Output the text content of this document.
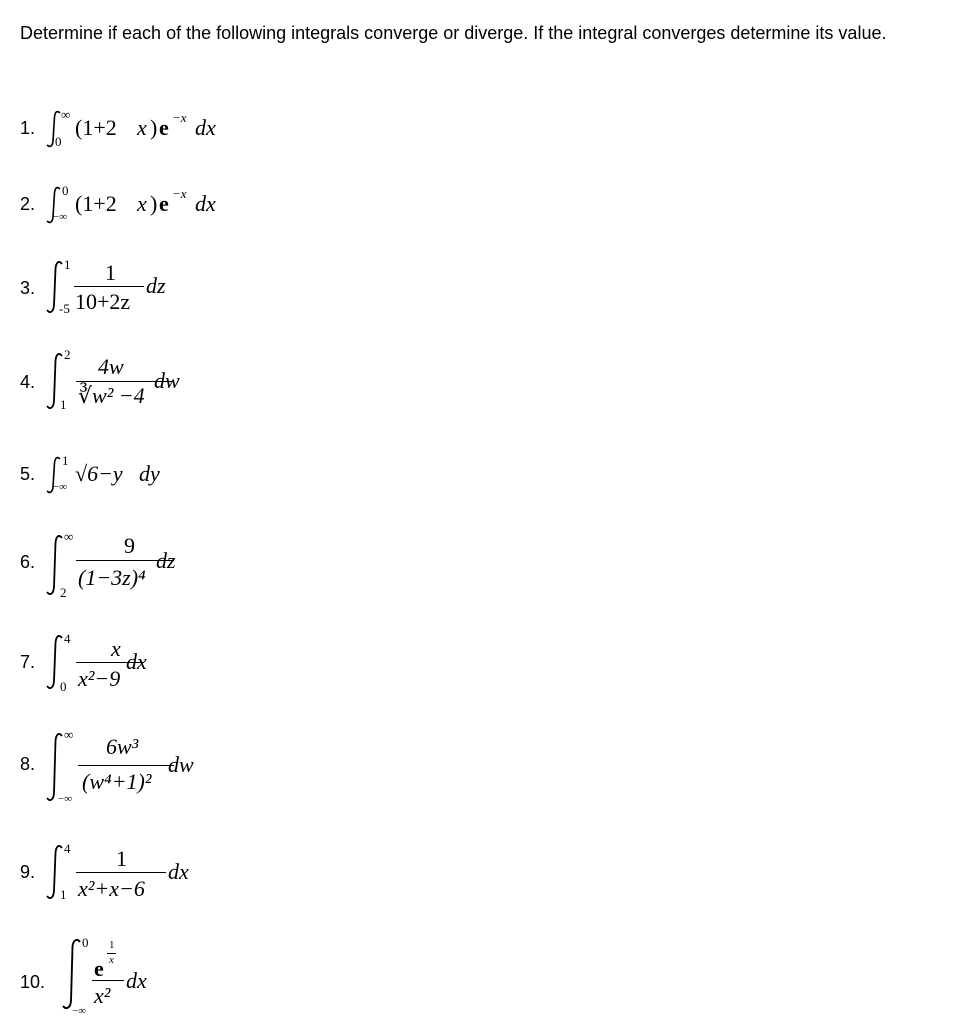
Determine if each of the following integrals converge or diverge. If the integral converges determine its value.
1.
∞
0
(1+2 x ) e −x dx
2.
0
−∞
(1+2 x ) e −x dx
3.
1
-5
1
10+2z
dz
4.
2
1
4w
∛w² −4
dw
5.
1
−∞
√6−y dy
6.
∞
2
9
(1−3z)⁴
dz
7.
4
0
x
x²−9
dx
8.
∞
−∞
6w³
(w⁴+1)²
dw
9.
4
1
1
x²+x−6
dx
10.
0
−∞
e
1
x
x²
dx
